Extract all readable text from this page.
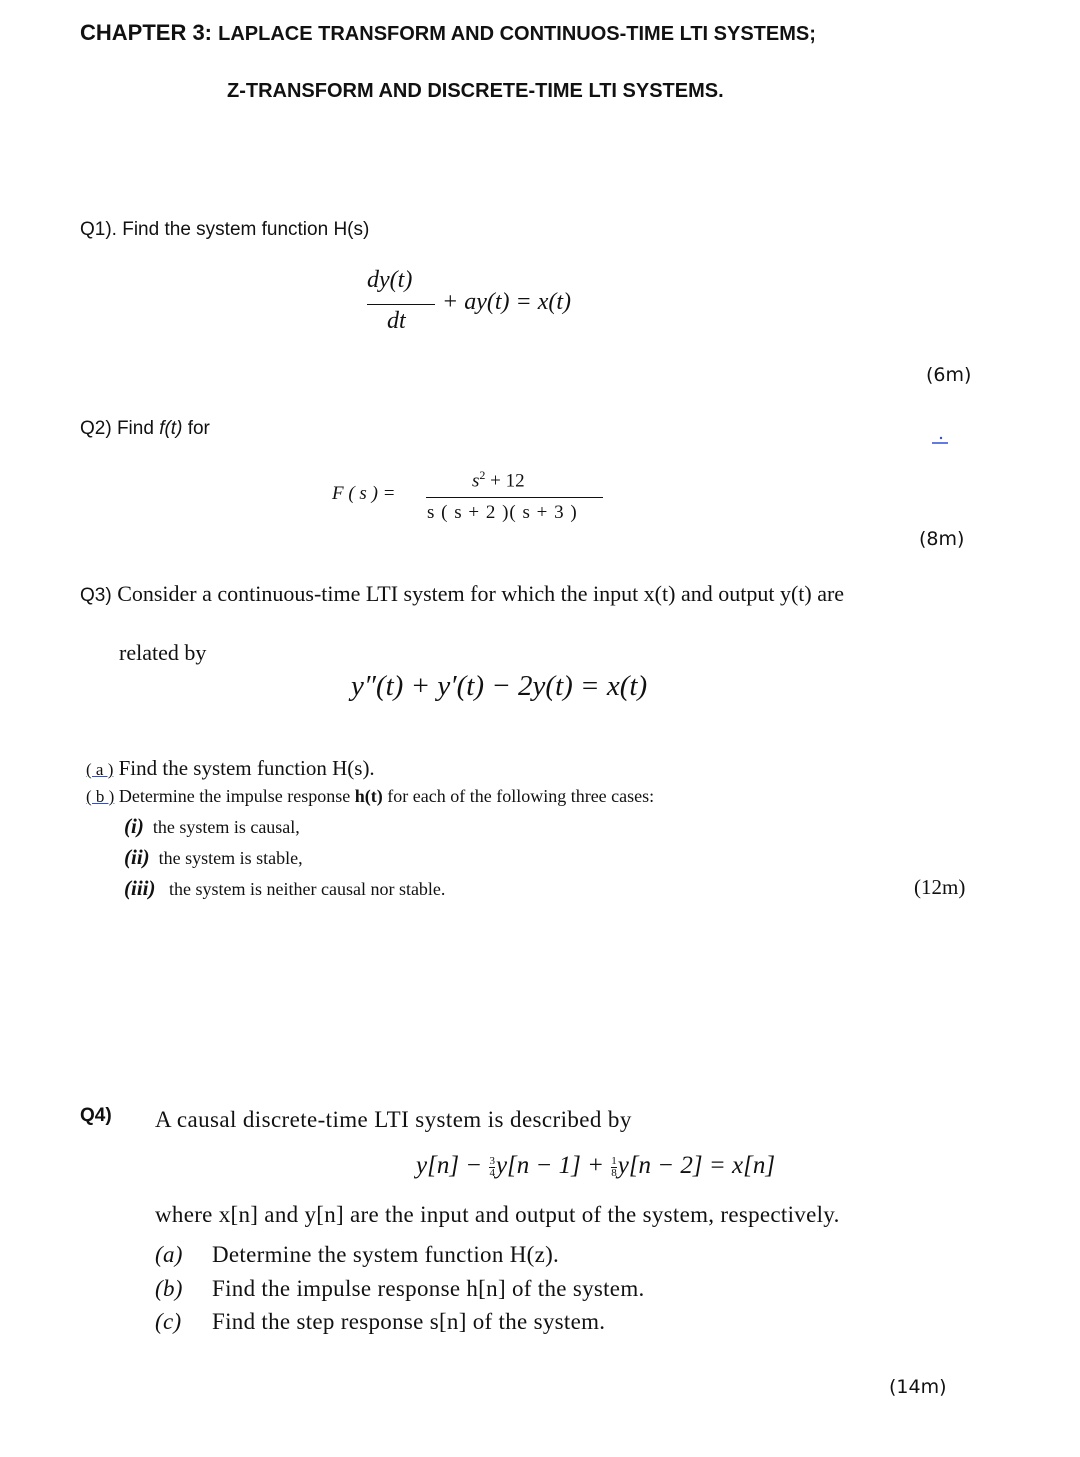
CHAPTER 3: LAPLACE TRANSFORM AND CONTINUOS-TIME LTI SYSTEMS;
Z-TRANSFORM AND DISCRETE-TIME LTI SYSTEMS.
Q1). Find the system function H(s)
dy(t)
dt
+ ay(t) = x(t)
(6m)
Q2) Find f(t) for
F ( s ) =
$s^2 + 12$
s ( s + 2 )( s + 3 )
(8m)
Q3) Consider a continuous-time LTI system for which the input x(t) and output y(t) are
related by
y″(t) + y′(t) − 2y(t) = x(t)
( a ) Find the system function H(s).
( b ) Determine the impulse response h(t) for each of the following three cases:
(i) the system is causal,
(ii) the system is stable,
(iii) the system is neither causal nor stable.	(12m)
Q4) A causal discrete-time LTI system is described by
$y[n] - \frac{3}{4} y[n - 1] + \frac{1}{8} y[n - 2] = x[n]$
where x[n] and y[n] are the input and output of the system, respectively.
(a) Determine the system function H(z).
(b) Find the impulse response h[n] of the system.
(c) Find the step response s[n] of the system.
(14m)
